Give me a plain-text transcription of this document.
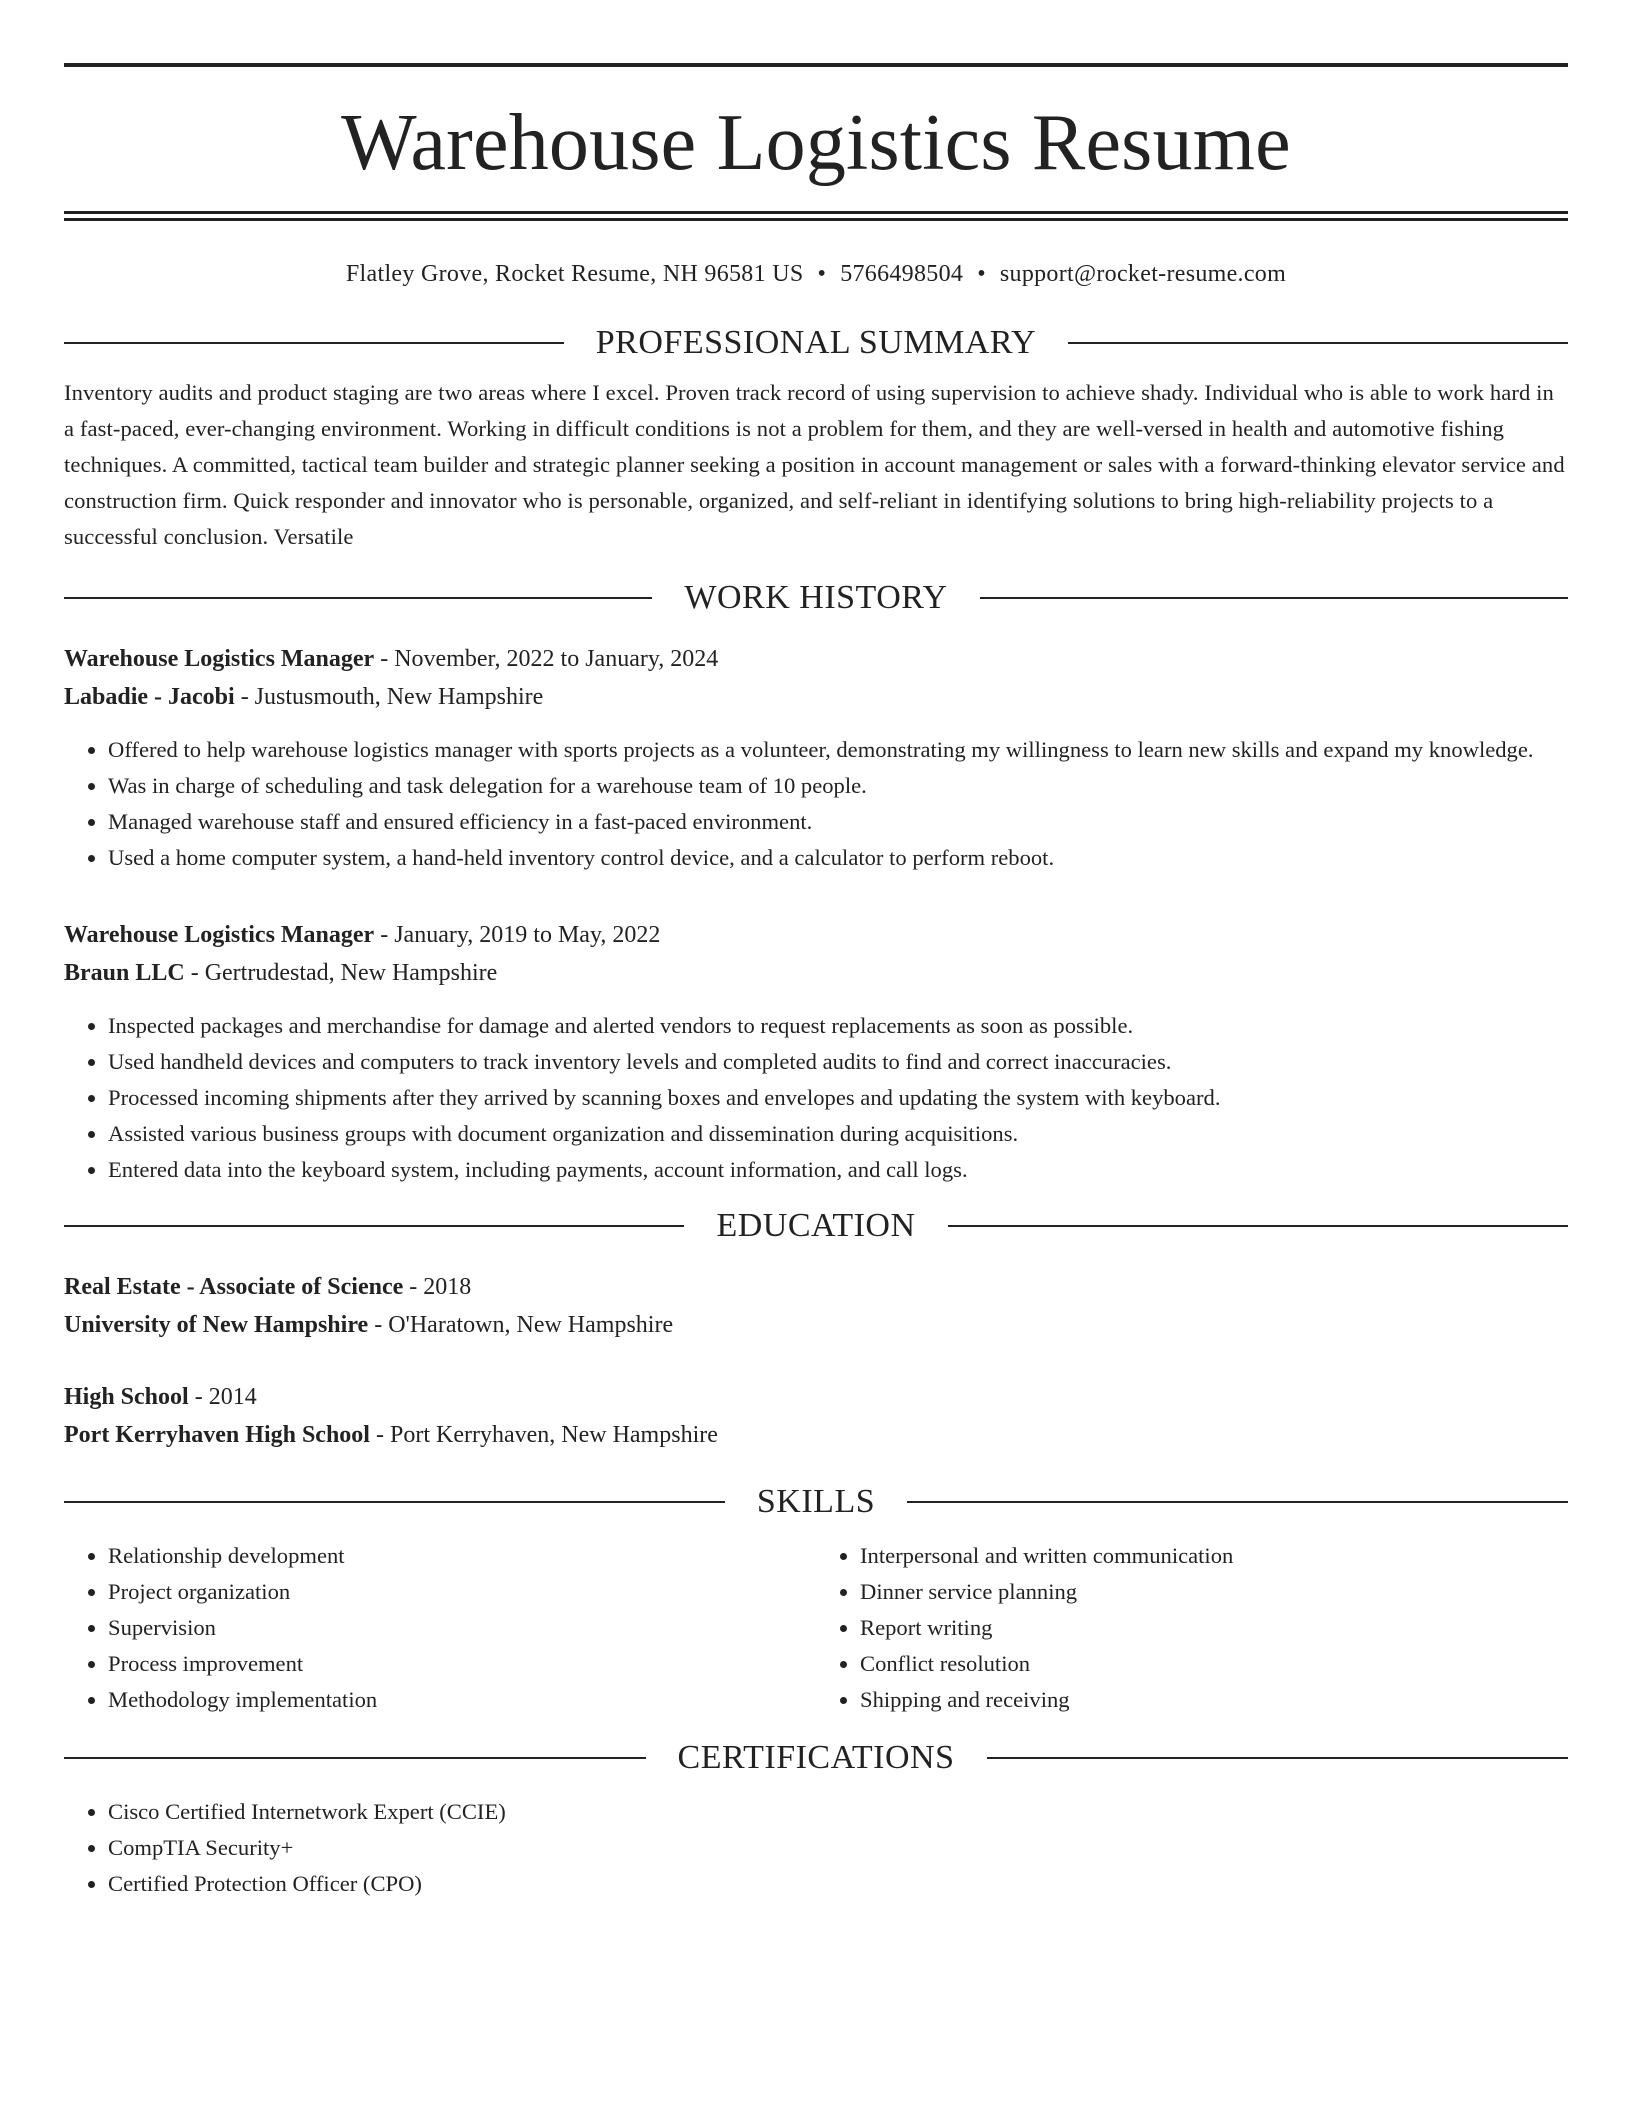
Warehouse Logistics Resume
Flatley Grove, Rocket Resume, NH 96581 US • 5766498504 • support@rocket-resume.com
PROFESSIONAL SUMMARY

Inventory audits and product staging are two areas where I excel. Proven track record of using supervision to achieve shady. Individual who is able to work hard in a fast-paced, ever-changing environment. Working in difficult conditions is not a problem for them, and they are well-versed in health and automotive fishing techniques. A committed, tactical team builder and strategic planner seeking a position in account management or sales with a forward-thinking elevator service and construction firm. Quick responder and innovator who is personable, organized, and self-reliant in identifying solutions to bring high-reliability projects to a successful conclusion. Versatile

WORK HISTORY
Warehouse Logistics Manager - November, 2022 to January, 2024
Labadie - Jacobi - Justusmouth, New Hampshire
• Offered to help warehouse logistics manager with sports projects as a volunteer, demonstrating my willingness to learn new skills and expand my knowledge.
• Was in charge of scheduling and task delegation for a warehouse team of 10 people.
• Managed warehouse staff and ensured efficiency in a fast-paced environment.
• Used a home computer system, a hand-held inventory control device, and a calculator to perform reboot.
Warehouse Logistics Manager - January, 2019 to May, 2022
Braun LLC - Gertrudestad, New Hampshire
• Inspected packages and merchandise for damage and alerted vendors to request replacements as soon as possible.
• Used handheld devices and computers to track inventory levels and completed audits to find and correct inaccuracies.
• Processed incoming shipments after they arrived by scanning boxes and envelopes and updating the system with keyboard.
• Assisted various business groups with document organization and dissemination during acquisitions.
• Entered data into the keyboard system, including payments, account information, and call logs.
EDUCATION
Real Estate - Associate of Science - 2018
University of New Hampshire - O'Haratown, New Hampshire
High School - 2014
Port Kerryhaven High School - Port Kerryhaven, New Hampshire
SKILLS
• Relationship development
• Project organization
• Supervision
• Process improvement
• Methodology implementation
• Interpersonal and written communication
• Dinner service planning
• Report writing
• Conflict resolution
• Shipping and receiving
CERTIFICATIONS
• Cisco Certified Internetwork Expert (CCIE)
• CompTIA Security+
• Certified Protection Officer (CPO)
